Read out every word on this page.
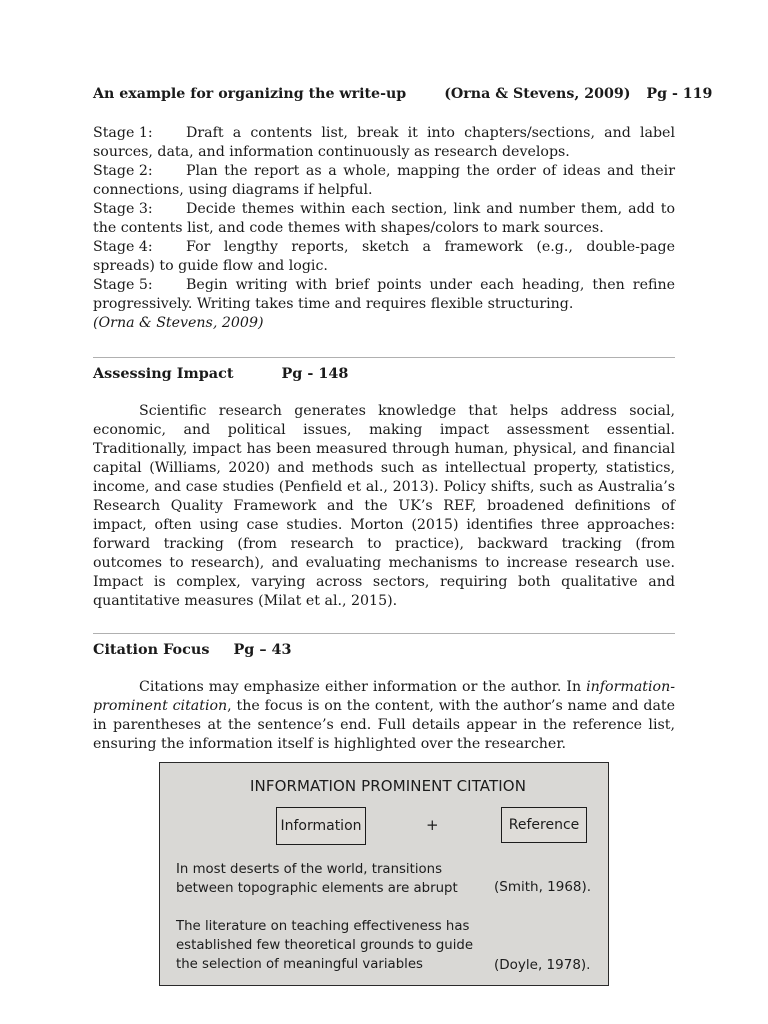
An example for organizing the write-up	(Orna & Stevens, 2009) Pg - 119
Stage 1: Draft a contents list, break it into chapters/sections, and label sources, data, and information continuously as research develops.
Stage 2: Plan the report as a whole, mapping the order of ideas and their connections, using diagrams if helpful.
Stage 3: Decide themes within each section, link and number them, add to the contents list, and code themes with shapes/colors to mark sources.
Stage 4: For lengthy reports, sketch a framework (e.g., double-page spreads) to guide flow and logic.
Stage 5: Begin writing with brief points under each heading, then refine progressively. Writing takes time and requires flexible structuring.
(Orna & Stevens, 2009)
Assessing Impact	Pg - 148
Scientific research generates knowledge that helps address social, economic, and political issues, making impact assessment essential. Traditionally, impact has been measured through human, physical, and financial capital (Williams, 2020) and methods such as intellectual property, statistics, income, and case studies (Penfield et al., 2013). Policy shifts, such as Australia’s Research Quality Framework and the UK’s REF, broadened definitions of impact, often using case studies. Morton (2015) identifies three approaches: forward tracking (from research to practice), backward tracking (from outcomes to research), and evaluating mechanisms to increase research use. Impact is complex, varying across sectors, requiring both qualitative and quantitative measures (Milat et al., 2015).
Citation Focus Pg – 43
Citations may emphasize either information or the author. In information-prominent citation, the focus is on the content, with the author’s name and date in parentheses at the sentence’s end. Full details appear in the reference list, ensuring the information itself is highlighted over the researcher.
INFORMATION PROMINENT CITATION
Information	+	Reference
In most deserts of the world, transitions
between topographic elements are abrupt	(Smith, 1968).
The literature on teaching effectiveness has
established few theoretical grounds to guide
the selection of meaningful variables	(Doyle, 1978).
